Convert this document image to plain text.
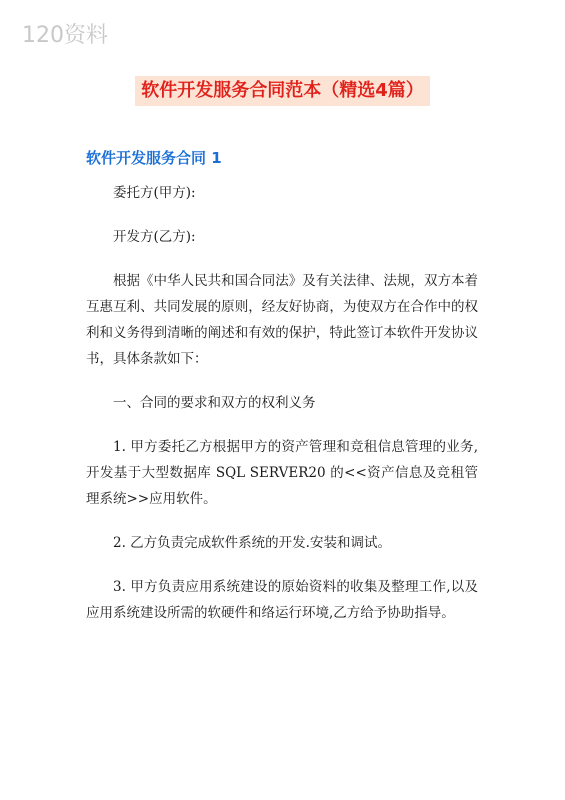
120资料
软件开发服务合同范本（精选4篇）
软件开发服务合同 1

委托方(甲方):

开发方(乙方):

根据《中华人民共和国合同法》及有关法律、法规，双方本着互惠互利、共同发展的原则，经友好协商，为使双方在合作中的权利和义务得到清晰的阐述和有效的保护，特此签订本软件开发协议书，具体条款如下：

一、合同的要求和双方的权利义务

1. 甲方委托乙方根据甲方的资产管理和竞租信息管理的业务,开发基于大型数据库 SQL SERVER20 的<<资产信息及竞租管理系统>>应用软件。

2. 乙方负责完成软件系统的开发.安装和调试。

3. 甲方负责应用系统建设的原始资料的收集及整理工作,以及应用系统建设所需的软硬件和络运行环境,乙方给予协助指导。
